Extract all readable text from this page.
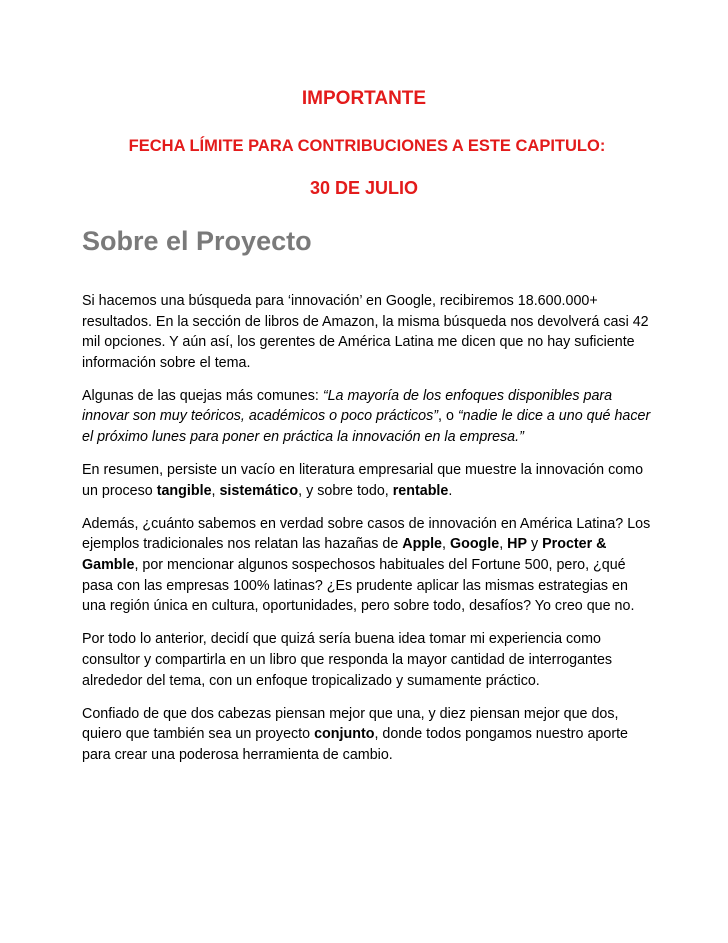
IMPORTANTE
FECHA LÍMITE PARA CONTRIBUCIONES A ESTE CAPITULO:
30 DE JULIO
Sobre el Proyecto

Si hacemos una búsqueda para ‘innovación’ en Google, recibiremos 18.600.000+ resultados. En la sección de libros de Amazon, la misma búsqueda nos devolverá casi 42 mil opciones. Y aún así, los gerentes de América Latina me dicen que no hay suficiente información sobre el tema.

Algunas de las quejas más comunes: “La mayoría de los enfoques disponibles para innovar son muy teóricos, académicos o poco prácticos”, o “nadie le dice a uno qué hacer el próximo lunes para poner en práctica la innovación en la empresa.”

En resumen, persiste un vacío en literatura empresarial que muestre la innovación como un proceso tangible, sistemático, y sobre todo, rentable.

Además, ¿cuánto sabemos en verdad sobre casos de innovación en América Latina? Los ejemplos tradicionales nos relatan las hazañas de Apple, Google, HP y Procter & Gamble, por mencionar algunos sospechosos habituales del Fortune 500, pero, ¿qué pasa con las empresas 100% latinas? ¿Es prudente aplicar las mismas estrategias en una región única en cultura, oportunidades, pero sobre todo, desafíos? Yo creo que no.

Por todo lo anterior, decidí que quizá sería buena idea tomar mi experiencia como consultor y compartirla en un libro que responda la mayor cantidad de interrogantes alrededor del tema, con un enfoque tropicalizado y sumamente práctico.

Confiado de que dos cabezas piensan mejor que una, y diez piensan mejor que dos, quiero que también sea un proyecto conjunto, donde todos pongamos nuestro aporte para crear una poderosa herramienta de cambio.
